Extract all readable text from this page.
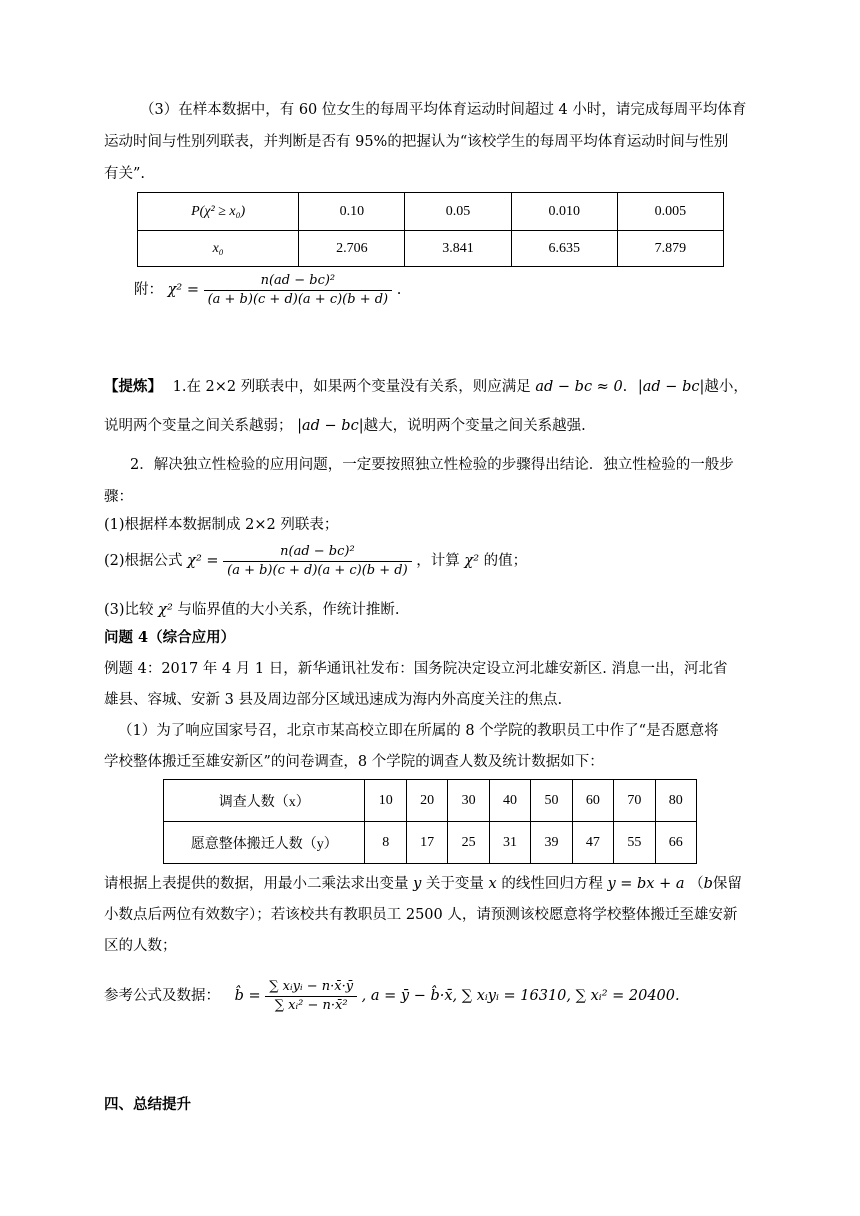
（3）在样本数据中，有 60 位女生的每周平均体育运动时间超过 4 小时，请完成每周平均体育
运动时间与性别列联表，并判断是否有 95%的把握认为“该校学生的每周平均体育运动时间与性别
有关”.
P(χ² ≥ x₀)	0.10	0.05	0.010	0.005
x₀	2.706	3.841	6.635	7.879
附： $\chi^2 = \frac{\text{n(ad − bc)²}}{(a + b)(c + d)(a + c)(b + d)}$ .
【提炼】 1.在 2×2 列联表中，如果两个变量没有关系，则应满足 ad − bc ≈ 0. |ad − bc|越小，
说明两个变量之间关系越弱； |ad − bc|越大，说明两个变量之间关系越强.
2．解决独立性检验的应用问题，一定要按照独立性检验的步骤得出结论．独立性检验的一般步
骤：
(1)根据样本数据制成 2×2 列联表；
(2)根据公式 $\chi^2 = \frac{\text{n(ad − bc)²}}{(a + b)(c + d)(a + c)(b + d)}$ ，计算 χ² 的值；
(3)比较 χ² 与临界值的大小关系，作统计推断.
问题 4（综合应用）
例题 4：2017 年 4 月 1 日，新华通讯社发布：国务院决定设立河北雄安新区. 消息一出，河北省
雄县、容城、安新 3 县及周边部分区域迅速成为海内外高度关注的焦点.
（1）为了响应国家号召，北京市某高校立即在所属的 8 个学院的教职员工中作了“是否愿意将
学校整体搬迁至雄安新区”的问卷调查，8 个学院的调查人数及统计数据如下：
调查人数（x）	10	20	30	40	50	60	70	80
愿意整体搬迁人数（y）	8	17	25	31	39	47	55	66
请根据上表提供的数据，用最小二乘法求出变量 y 关于变量 x 的线性回归方程 y = bx + a （b保留
小数点后两位有效数字）；若该校共有教职员工 2500 人，请预测该校愿意将学校整体搬迁至雄安新
区的人数；
参考公式及数据： b̂ = $\frac{\text{∑ xᵢyᵢ − n·x̄·ȳ}}{\text{∑ xᵢ² − n·x̄²}}$ , a = ȳ − b̂·x̄, ∑ xᵢyᵢ = 16310, ∑ xᵢ² = 20400.
四、总结提升
